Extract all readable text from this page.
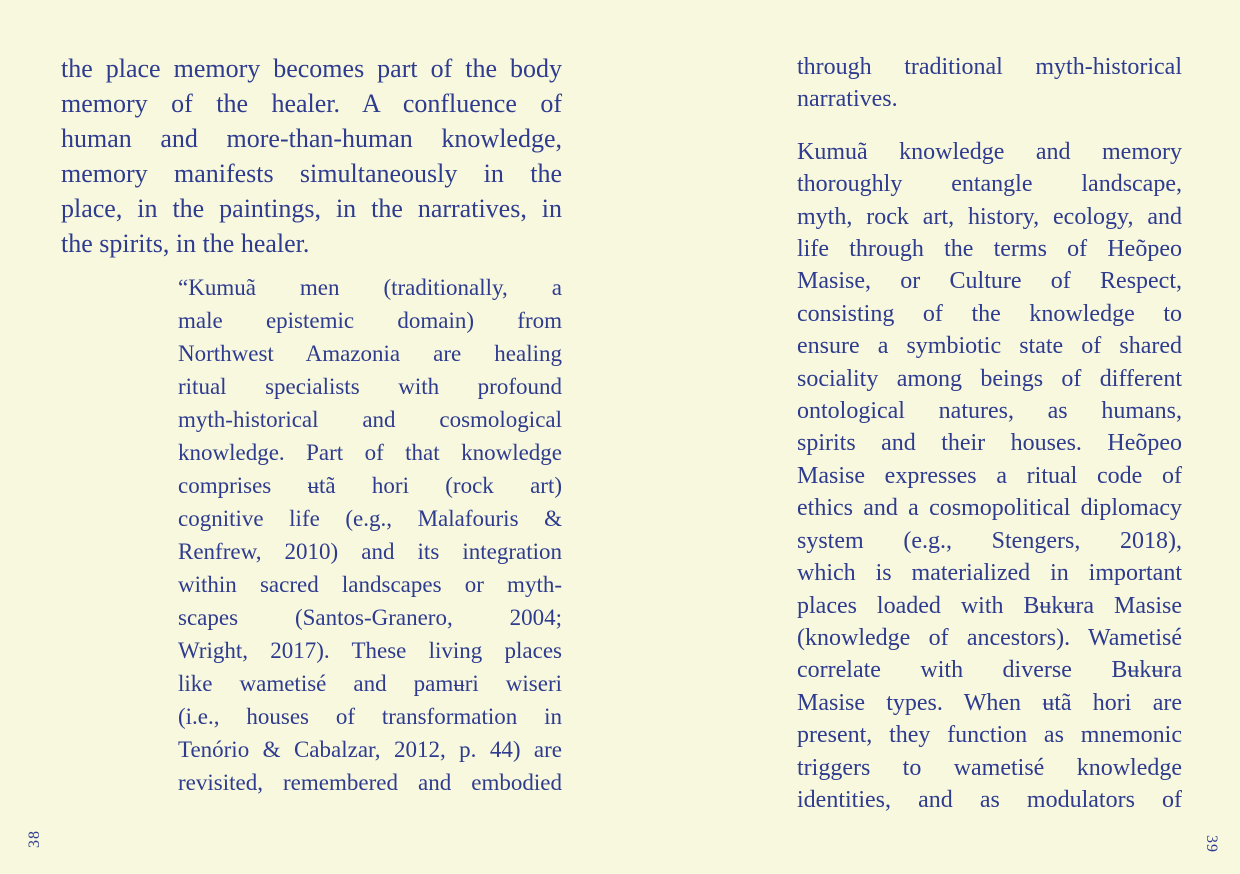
the place memory becomes part of the body
memory of the healer. A confluence of
human and more-than-human knowledge,
memory manifests simultaneously in the
place, in the paintings, in the narratives, in
the spirits, in the healer.
“Kumuã men (traditionally, a
male epistemic domain) from
Northwest Amazonia are healing
ritual specialists with profound
myth-historical and cosmological
knowledge. Part of that knowledge
comprises ʉtã hori (rock art)
cognitive life (e.g., Malafouris &
Renfrew, 2010) and its integration
within sacred landscapes or myth-
scapes (Santos-Granero, 2004;
Wright, 2017). These living places
like wametisé and pamʉri wiseri
(i.e., houses of transformation in
Tenório & Cabalzar, 2012, p. 44) are
revisited, remembered and embodied
38
through traditional myth-historical
narratives.
Kumuã knowledge and memory
thoroughly entangle landscape,
myth, rock art, history, ecology, and
life through the terms of Heõpeo
Masise, or Culture of Respect,
consisting of the knowledge to
ensure a symbiotic state of shared
sociality among beings of different
ontological natures, as humans,
spirits and their houses. Heõpeo
Masise expresses a ritual code of
ethics and a cosmopolitical diplomacy
system (e.g., Stengers, 2018),
which is materialized in important
places loaded with Bʉkʉra Masise
(knowledge of ancestors). Wametisé
correlate with diverse Bʉkʉra
Masise types. When ʉtã hori are
present, they function as mnemonic
triggers to wametisé knowledge
identities, and as modulators of
39
